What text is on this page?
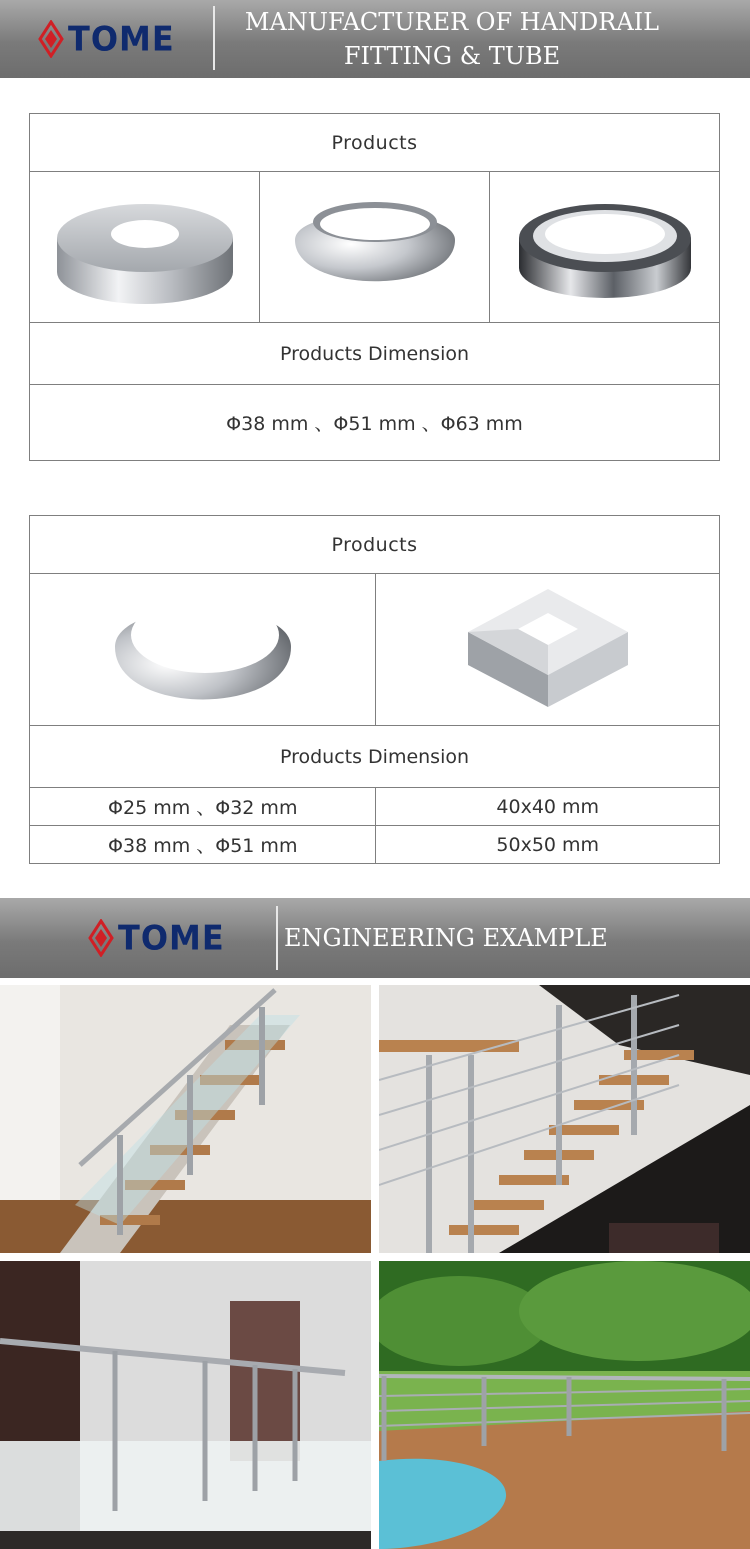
TOME	MANUFACTURER OF HANDRAIL
FITTING & TUBE
Products

Products Dimension
Φ38 mm 、Φ51 mm 、Φ63 mm
Products	

Products Dimension	
Φ25 mm 、Φ32 mm	40x40 mm
Φ38 mm 、Φ51 mm	50x50 mm
TOME ENGINEERING EXAMPLE
